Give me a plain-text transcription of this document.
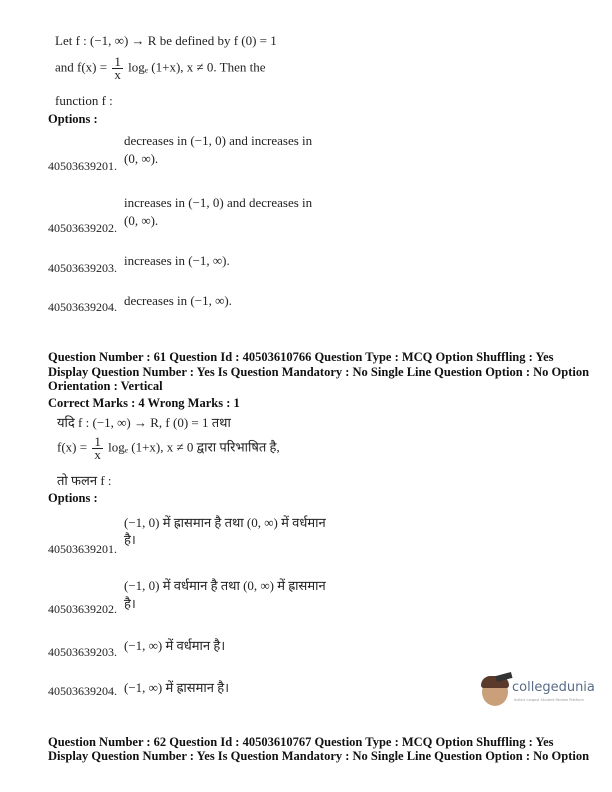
Let f : (−1, ∞) → R be defined by f (0) = 1
and $f(x) = \frac{1}{x}$ logₑ (1+x), x ≠ 0. Then the
function f :
Options :
decreases in (−1, 0) and increases in
(0, ∞).
40503639201.
increases in (−1, 0) and decreases in
(0, ∞).
40503639202.
increases in (−1, ∞).
40503639203.
decreases in (−1, ∞).
40503639204.
Question Number : 61 Question Id : 40503610766 Question Type : MCQ Option Shuffling : Yes
Display Question Number : Yes Is Question Mandatory : No Single Line Question Option : No Option
Orientation : Vertical
Correct Marks : 4 Wrong Marks : 1
यदि f : (−1, ∞) → R, f (0) = 1 तथा
$f(x) = \frac{1}{x}$ logₑ (1+x), x ≠ 0 द्वारा परिभाषित है,
तो फलन f :
Options :
(−1, 0) में ह्रासमान है तथा (0, ∞) में वर्धमान
है।
40503639201.
(−1, 0) में वर्धमान है तथा (0, ∞) में ह्रासमान
है।
40503639202.
(−1, ∞) में वर्धमान है।
40503639203.
(−1, ∞) में ह्रासमान है।
40503639204.	collegedunia
India's Largest Student Review Platform
Question Number : 62 Question Id : 40503610767 Question Type : MCQ Option Shuffling : Yes
Display Question Number : Yes Is Question Mandatory : No Single Line Question Option : No Option
